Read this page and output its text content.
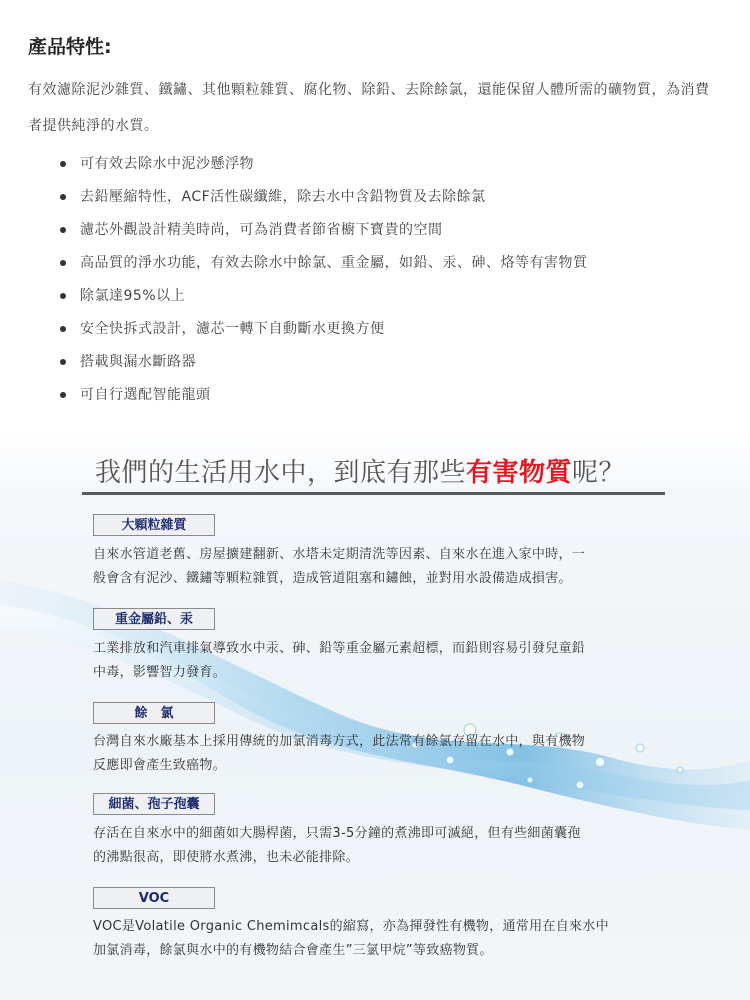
產品特性:

有效濾除泥沙雜質、鐵鏽、其他顆粒雜質、腐化物、除鉛、去除餘氯，還能保留人體所需的礦物質，為消費者提供純淨的水質。

可有效去除水中泥沙懸浮物
去鉛壓縮特性，ACF活性碳纖維，除去水中含鉛物質及去除餘氯
濾芯外觀設計精美時尚，可為消費者節省櫥下寶貴的空間
高品質的淨水功能，有效去除水中餘氯、重金屬，如鉛、汞、砷、烙等有害物質
除氯達95%以上
安全快拆式設計，濾芯一轉下自動斷水更換方便
搭載與漏水斷路器
可自行選配智能龍頭
我們的生活用水中，到底有那些有害物質呢？
大顆粒雜質

自來水管道老舊、房屋擴建翻新、水塔未定期清洗等因素、自來水在進入家中時，一
般會含有泥沙、鐵鏽等顆粒雜質，造成管道阻塞和鏽蝕，並對用水設備造成損害。

重金屬鉛、汞

工業排放和汽車排氣導致水中汞、砷、鉛等重金屬元素超標，而鉛則容易引發兒童鉛
中毒，影響智力發育。

餘　氯

台灣自來水廠基本上採用傳統的加氯消毒方式，此法常有餘氯存留在水中，與有機物
反應即會產生致癌物。

細菌、孢子孢囊

存活在自來水中的細菌如大腸桿菌，只需3-5分鐘的煮沸即可滅絕，但有些細菌囊孢
的沸點很高，即使將水煮沸，也未必能排除。

VOC

VOC是Volatile Organic Chemimcals的縮寫，亦為揮發性有機物，通常用在自來水中
加氯消毒，餘氯與水中的有機物結合會產生”三氯甲烷”等致癌物質。
